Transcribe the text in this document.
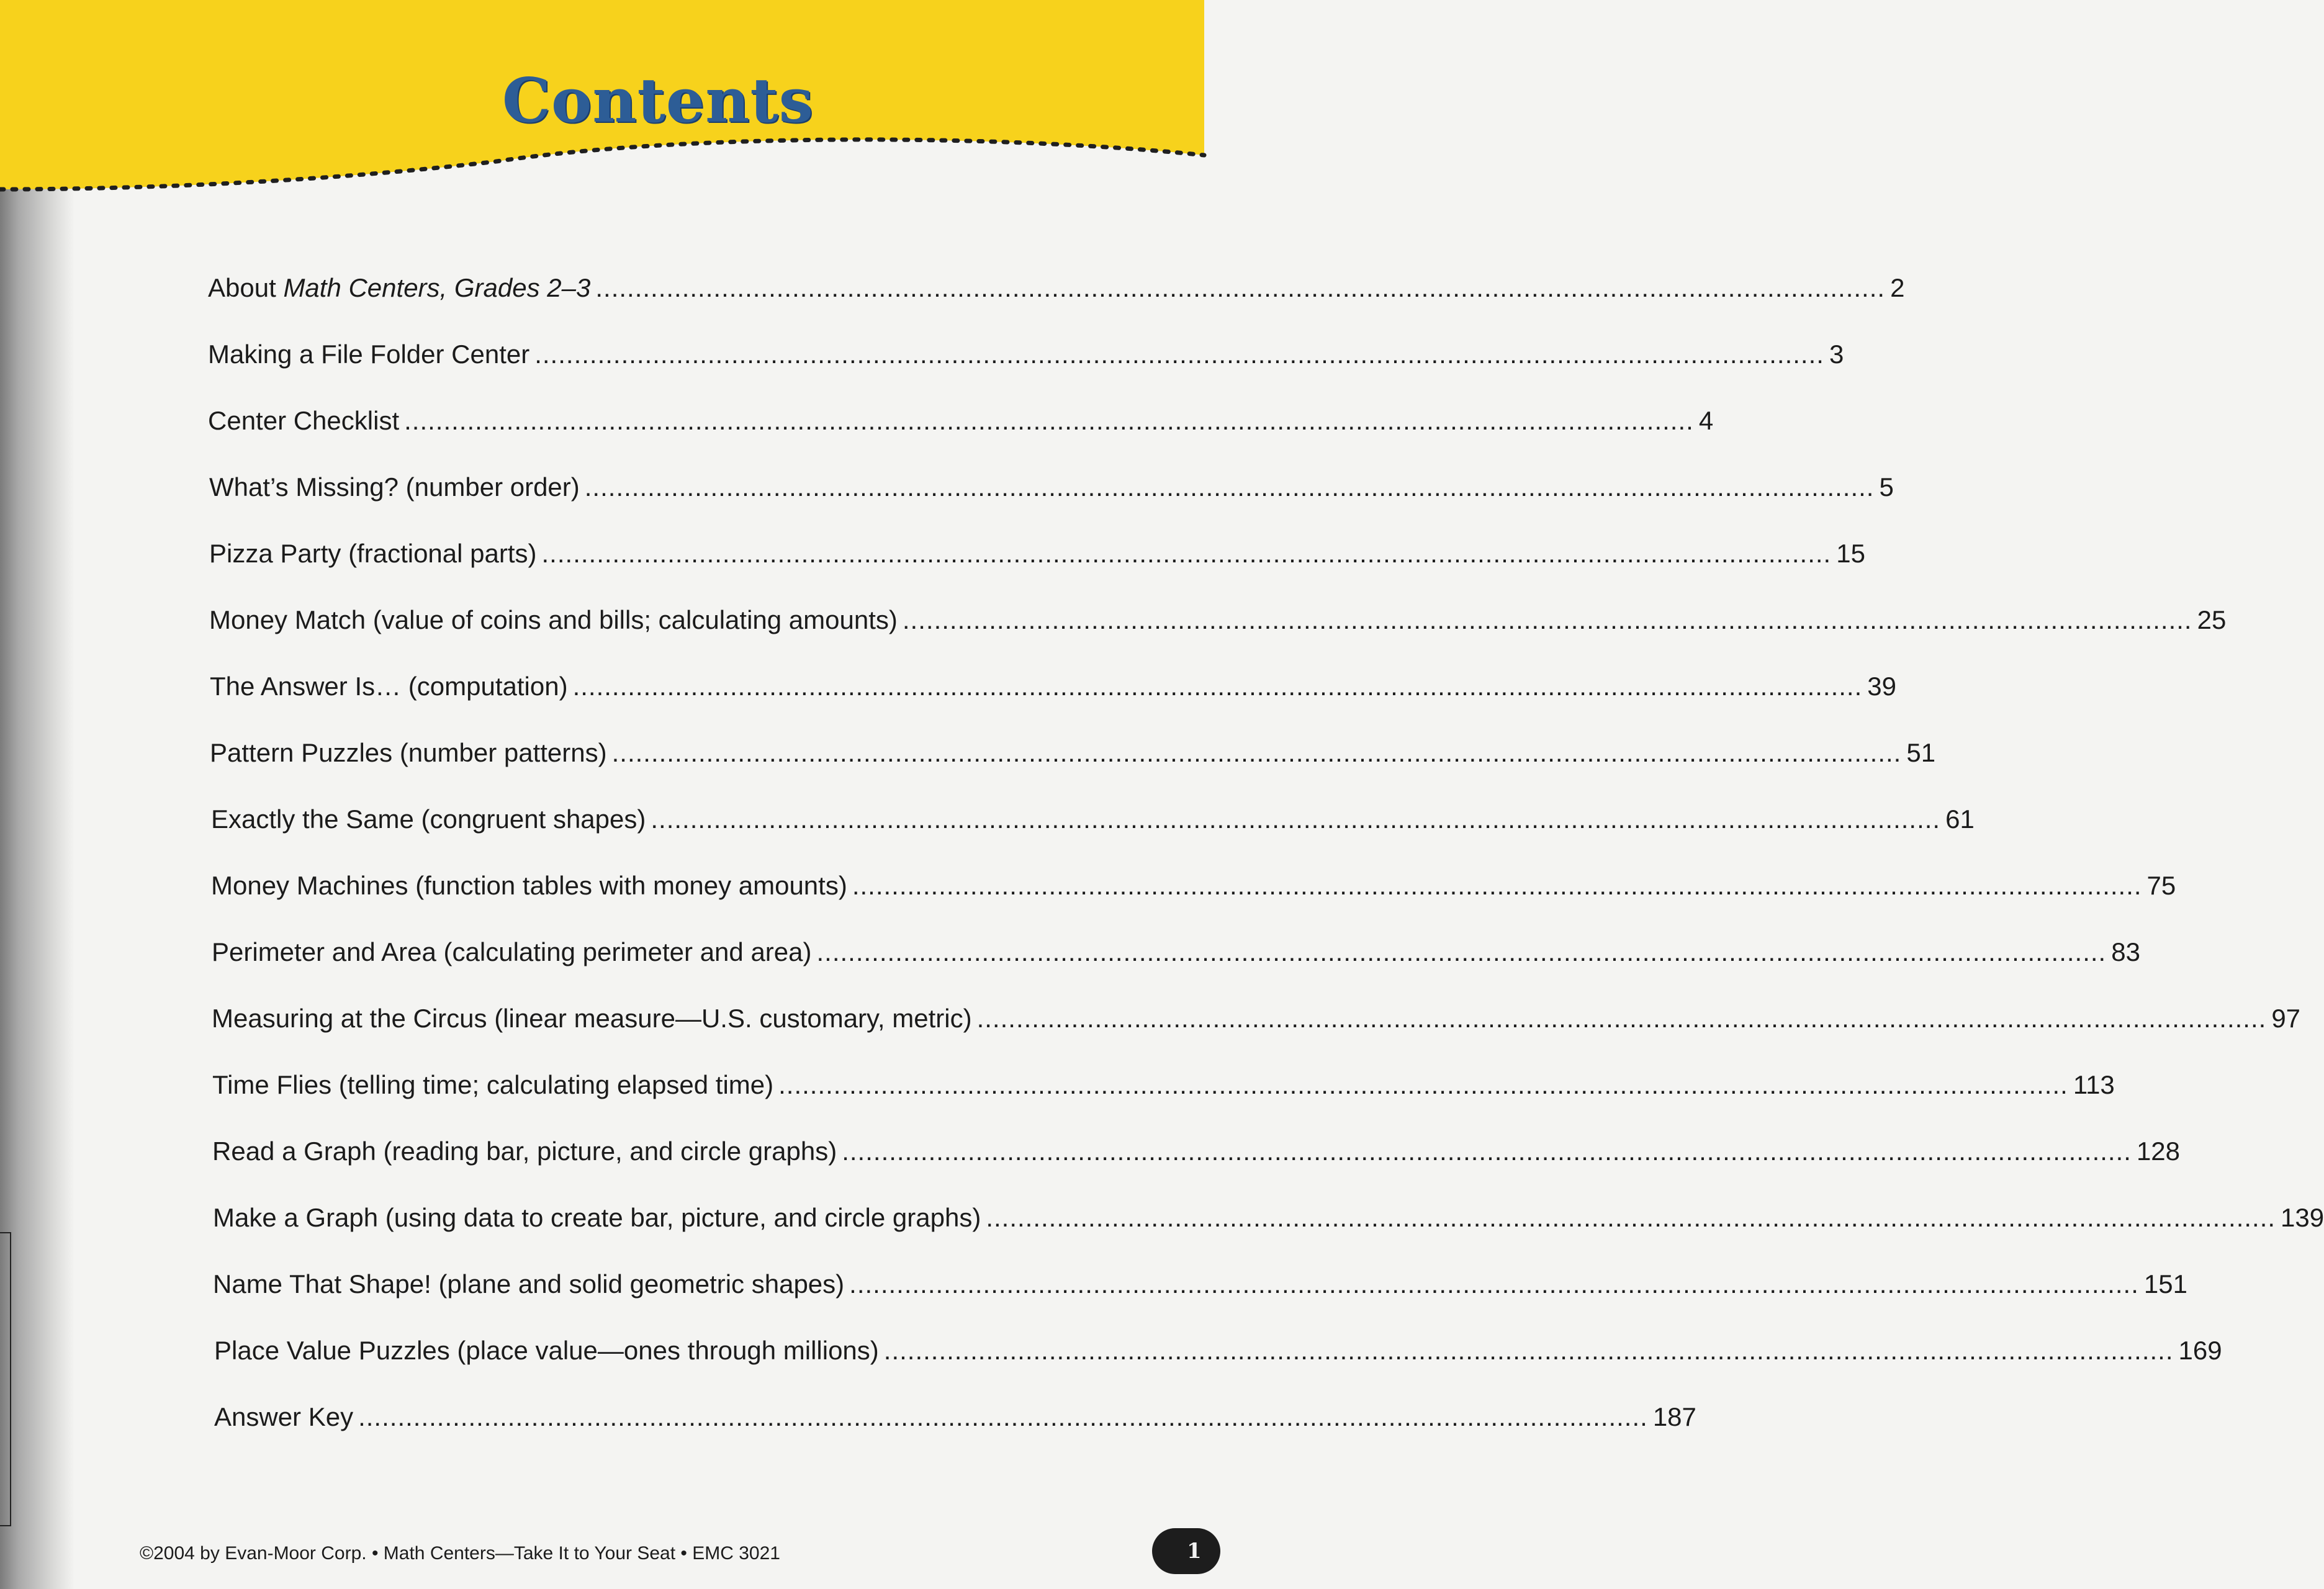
Contents
About Math Centers, Grades 2–3 .................................................................................................................................................................... 2
Making a File Folder Center .................................................................................................................................................................... 3
Center Checklist .................................................................................................................................................................... 4
What’s Missing? (number order) .................................................................................................................................................................... 5
Pizza Party (fractional parts) .................................................................................................................................................................... 15
Money Match (value of coins and bills; calculating amounts) .................................................................................................................................................................... 25
The Answer Is… (computation) .................................................................................................................................................................... 39
Pattern Puzzles (number patterns) .................................................................................................................................................................... 51
Exactly the Same (congruent shapes) .................................................................................................................................................................... 61
Money Machines (function tables with money amounts) .................................................................................................................................................................... 75
Perimeter and Area (calculating perimeter and area) .................................................................................................................................................................... 83
Measuring at the Circus (linear measure—U.S. customary, metric) .................................................................................................................................................................... 97
Time Flies (telling time; calculating elapsed time) .................................................................................................................................................................... 113
Read a Graph (reading bar, picture, and circle graphs) .................................................................................................................................................................... 128
Make a Graph (using data to create bar, picture, and circle graphs) .................................................................................................................................................................... 139
Name That Shape! (plane and solid geometric shapes) .................................................................................................................................................................... 151
Place Value Puzzles (place value—ones through millions) .................................................................................................................................................................... 169
Answer Key .................................................................................................................................................................... 187
©2004 by Evan-Moor Corp. • Math Centers—Take It to Your Seat • EMC 3021	1
